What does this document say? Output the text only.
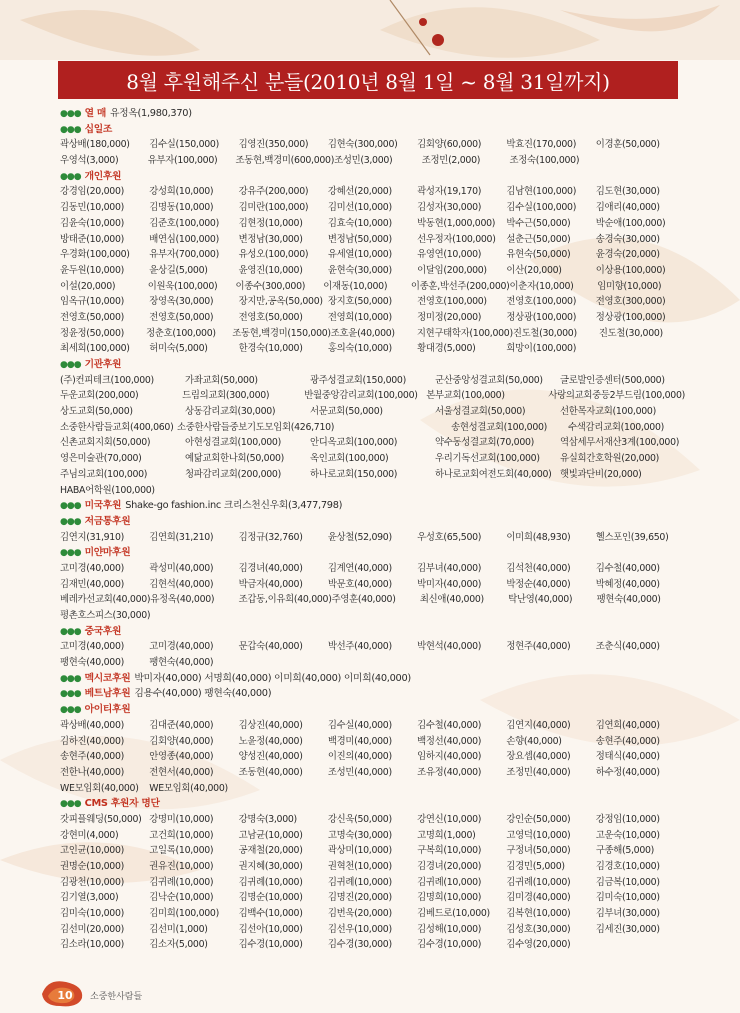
8월 후원해주신 분들(2010년 8월 1일 ~ 8월 31일까지)
●●● 열 매 유정옥(1,980,370)
●●● 십일조
곽상배(180,000)	김수실(150,000)	김영진(350,000)	김현숙(300,000)	김회양(60,000)	박효진(170,000)	이경훈(50,000)
우영석(3,000)	유부자(100,000)	조동현,백경미(600,000) 조성민(3,000)	조정민(2,000)	조정숙(100,000)
●●● 개인후원
강경임(20,000)	강성희(10,000)	강유주(200,000)	강혜선(20,000)	곽성자(19,170)	김남현(100,000)	김도현(30,000)
김동민(10,000)	김명동(10,000)	김미란(100,000)	김미선(10,000)	김성자(30,000)	김수실(100,000)	김애리(40,000)
김윤숙(10,000)	김준호(100,000)	김현정(10,000)	김효숙(10,000)	박동현(1,000,000)	박수근(50,000)	박순애(100,000)
방태준(10,000)	배연심(100,000)	변정남(30,000)	변정남(50,000)	선우정자(100,000)	설춘근(50,000)	송경숙(30,000)
우경화(100,000)	유부자(700,000)	유성오(100,000)	유세열(10,000)	유영연(10,000)	유현숙(50,000)	윤경숙(20,000)
윤두원(10,000)	윤상길(5,000)	윤영진(10,000)	윤현숙(30,000)	이달임(200,000)	이산(20,000)	이상용(100,000)
이설(20,000)	이원욱(100,000)	이종수(300,000)	이재동(10,000)	이종훈,박선주(200,000) 이춘자(10,000)	임미향(10,000)
임옥규(10,000)	장영옥(30,000)	장지만,공옥(50,000) 장지호(50,000)	전영호(100,000)	전영호(100,000)	전영호(300,000)
전영호(50,000)	전영호(50,000)	전영호(50,000)	전영희(10,000)	정미정(20,000)	정상광(100,000)	정상광(100,000)
정윤정(50,000)	정춘호(100,000)	조동현,백경미(150,000) 조호윤(40,000)	지현구태학자(100,000) 진도철(30,000)	진도철(30,000)
최세희(100,000)	허미숙(5,000)	한경숙(10,000)	홍의숙(10,000)	황대경(5,000)	희망이(100,000)
●●● 기관후원
(주)컨피테크(100,000)	가좌교회(50,000)	광주성결교회(150,000)	군산중앙성결교회(50,000)	글로발인증센터(500,000)
두운교회(200,000)	드림의교회(300,000)	반월중앙감리교회(100,000) 본부교회(100,000)	사랑의교회중등2부드림(100,000)
상도교회(50,000)	상동감리교회(30,000)	서문교회(50,000)	서울성결교회(50,000)	선한목자교회(100,000)
소중한사람들교회(400,060) 소중한사람들중보기도모임회(426,710)	송현성결교회(100,000)	수색감리교회(100,000)
신촌교회지회(50,000)	아현성결교회(100,000)	안디옥교회(100,000)	약수동성결교회(70,000)	역삼세무서재산3계(100,000)
영은미술관(70,000)	예닮교회한나회(50,000)	옥인교회(100,000)	우리기독선교회(100,000)	유실희간호학원(20,000)
주님의교회(100,000)	청파감리교회(200,000)	하나로교회(150,000)	하나로교회여전도회(40,000) 햇빛과단비(20,000)
HABA어학원(100,000)
●●● 미국후원 Shake-go fashion.inc 크리스천신우회(3,477,798)
●●● 저금통후원
김연지(31,910)	김연희(31,210)	김정규(32,760)	윤상철(52,090)	우성호(65,500)	이미희(48,930)	헬스포인(39,650)
●●● 미얀마후원
고미경(40,000)	곽성미(40,000)	김경녀(40,000)	김계연(40,000)	김부녀(40,000)	김석천(40,000)	김수철(40,000)
김재민(40,000)	김현석(40,000)	박금자(40,000)	박문호(40,000)	박미자(40,000)	박정순(40,000)	박혜정(40,000)
베레카선교회(40,000) 유정옥(40,000)	조갑동,이유희(40,000) 주영훈(40,000)	최신애(40,000)	탁난영(40,000)	팽현숙(40,000)
평촌호스피스(30,000)
●●● 중국후원
고미경(40,000)	고미경(40,000)	문갑숙(40,000)	박선주(40,000)	박현석(40,000)	정현주(40,000)	조춘식(40,000)
팽현숙(40,000)	팽현숙(40,000)
●●● 멕시코후원 박미자(40,000) 서명희(40,000) 이미희(40,000) 이미희(40,000)
●●● 베트남후원 김용수(40,000) 팽현숙(40,000)
●●● 아이티후원
곽상배(40,000)	김대준(40,000)	김상진(40,000)	김수실(40,000)	김수철(40,000)	김연지(40,000)	김연희(40,000)
김하진(40,000)	김회양(40,000)	노윤정(40,000)	백경미(40,000)	백정선(40,000)	손향(40,000)	송현주(40,000)
송현주(40,000)	안영종(40,000)	양성진(40,000)	이진의(40,000)	임하지(40,000)	장요셉(40,000)	정태식(40,000)
전한나(40,000)	전현서(40,000)	조동현(40,000)	조성민(40,000)	조유정(40,000)	조정민(40,000)	하수정(40,000)
WE모임회(40,000)	WE모임회(40,000)
●●● CMS 후원자 명단
갓피플웨딩(50,000) 강명미(10,000)	강명숙(3,000)	강신욱(50,000)	강연신(10,000)	강인순(50,000)	강정임(10,000)
강현미(4,000)	고건희(10,000)	고남균(10,000)	고명숙(30,000)	고명희(1,000)	고영덕(10,000)	고운숙(10,000)
고인균(10,000)	고일록(10,000)	공재철(20,000)	곽상미(10,000)	구복희(10,000)	구정녀(50,000)	구종해(5,000)
권명순(10,000)	권유진(10,000)	권지혜(30,000)	권혁천(10,000)	김경녀(20,000)	김경민(5,000)	김경호(10,000)
김광천(10,000)	김귀례(10,000)	김귀례(10,000)	김귀례(10,000)	김귀례(10,000)	김귀례(10,000)	김금복(10,000)
김기열(3,000)	김낙순(10,000)	김명순(10,000)	김명진(20,000)	김명희(10,000)	김미경(40,000)	김미숙(10,000)
김미숙(10,000)	김미희(100,000)	김백수(10,000)	김번욱(20,000)	김베드로(10,000)	김복현(10,000)	김부녀(30,000)
김선미(20,000)	김선미(1,000)	김선아(10,000)	김선우(10,000)	김성해(10,000)	김성호(30,000)	김세진(30,000)
김소라(10,000)	김소자(5,000)	김수경(10,000)	김수경(30,000)	김수경(10,000)	김수영(20,000)
10	소중한사람들
